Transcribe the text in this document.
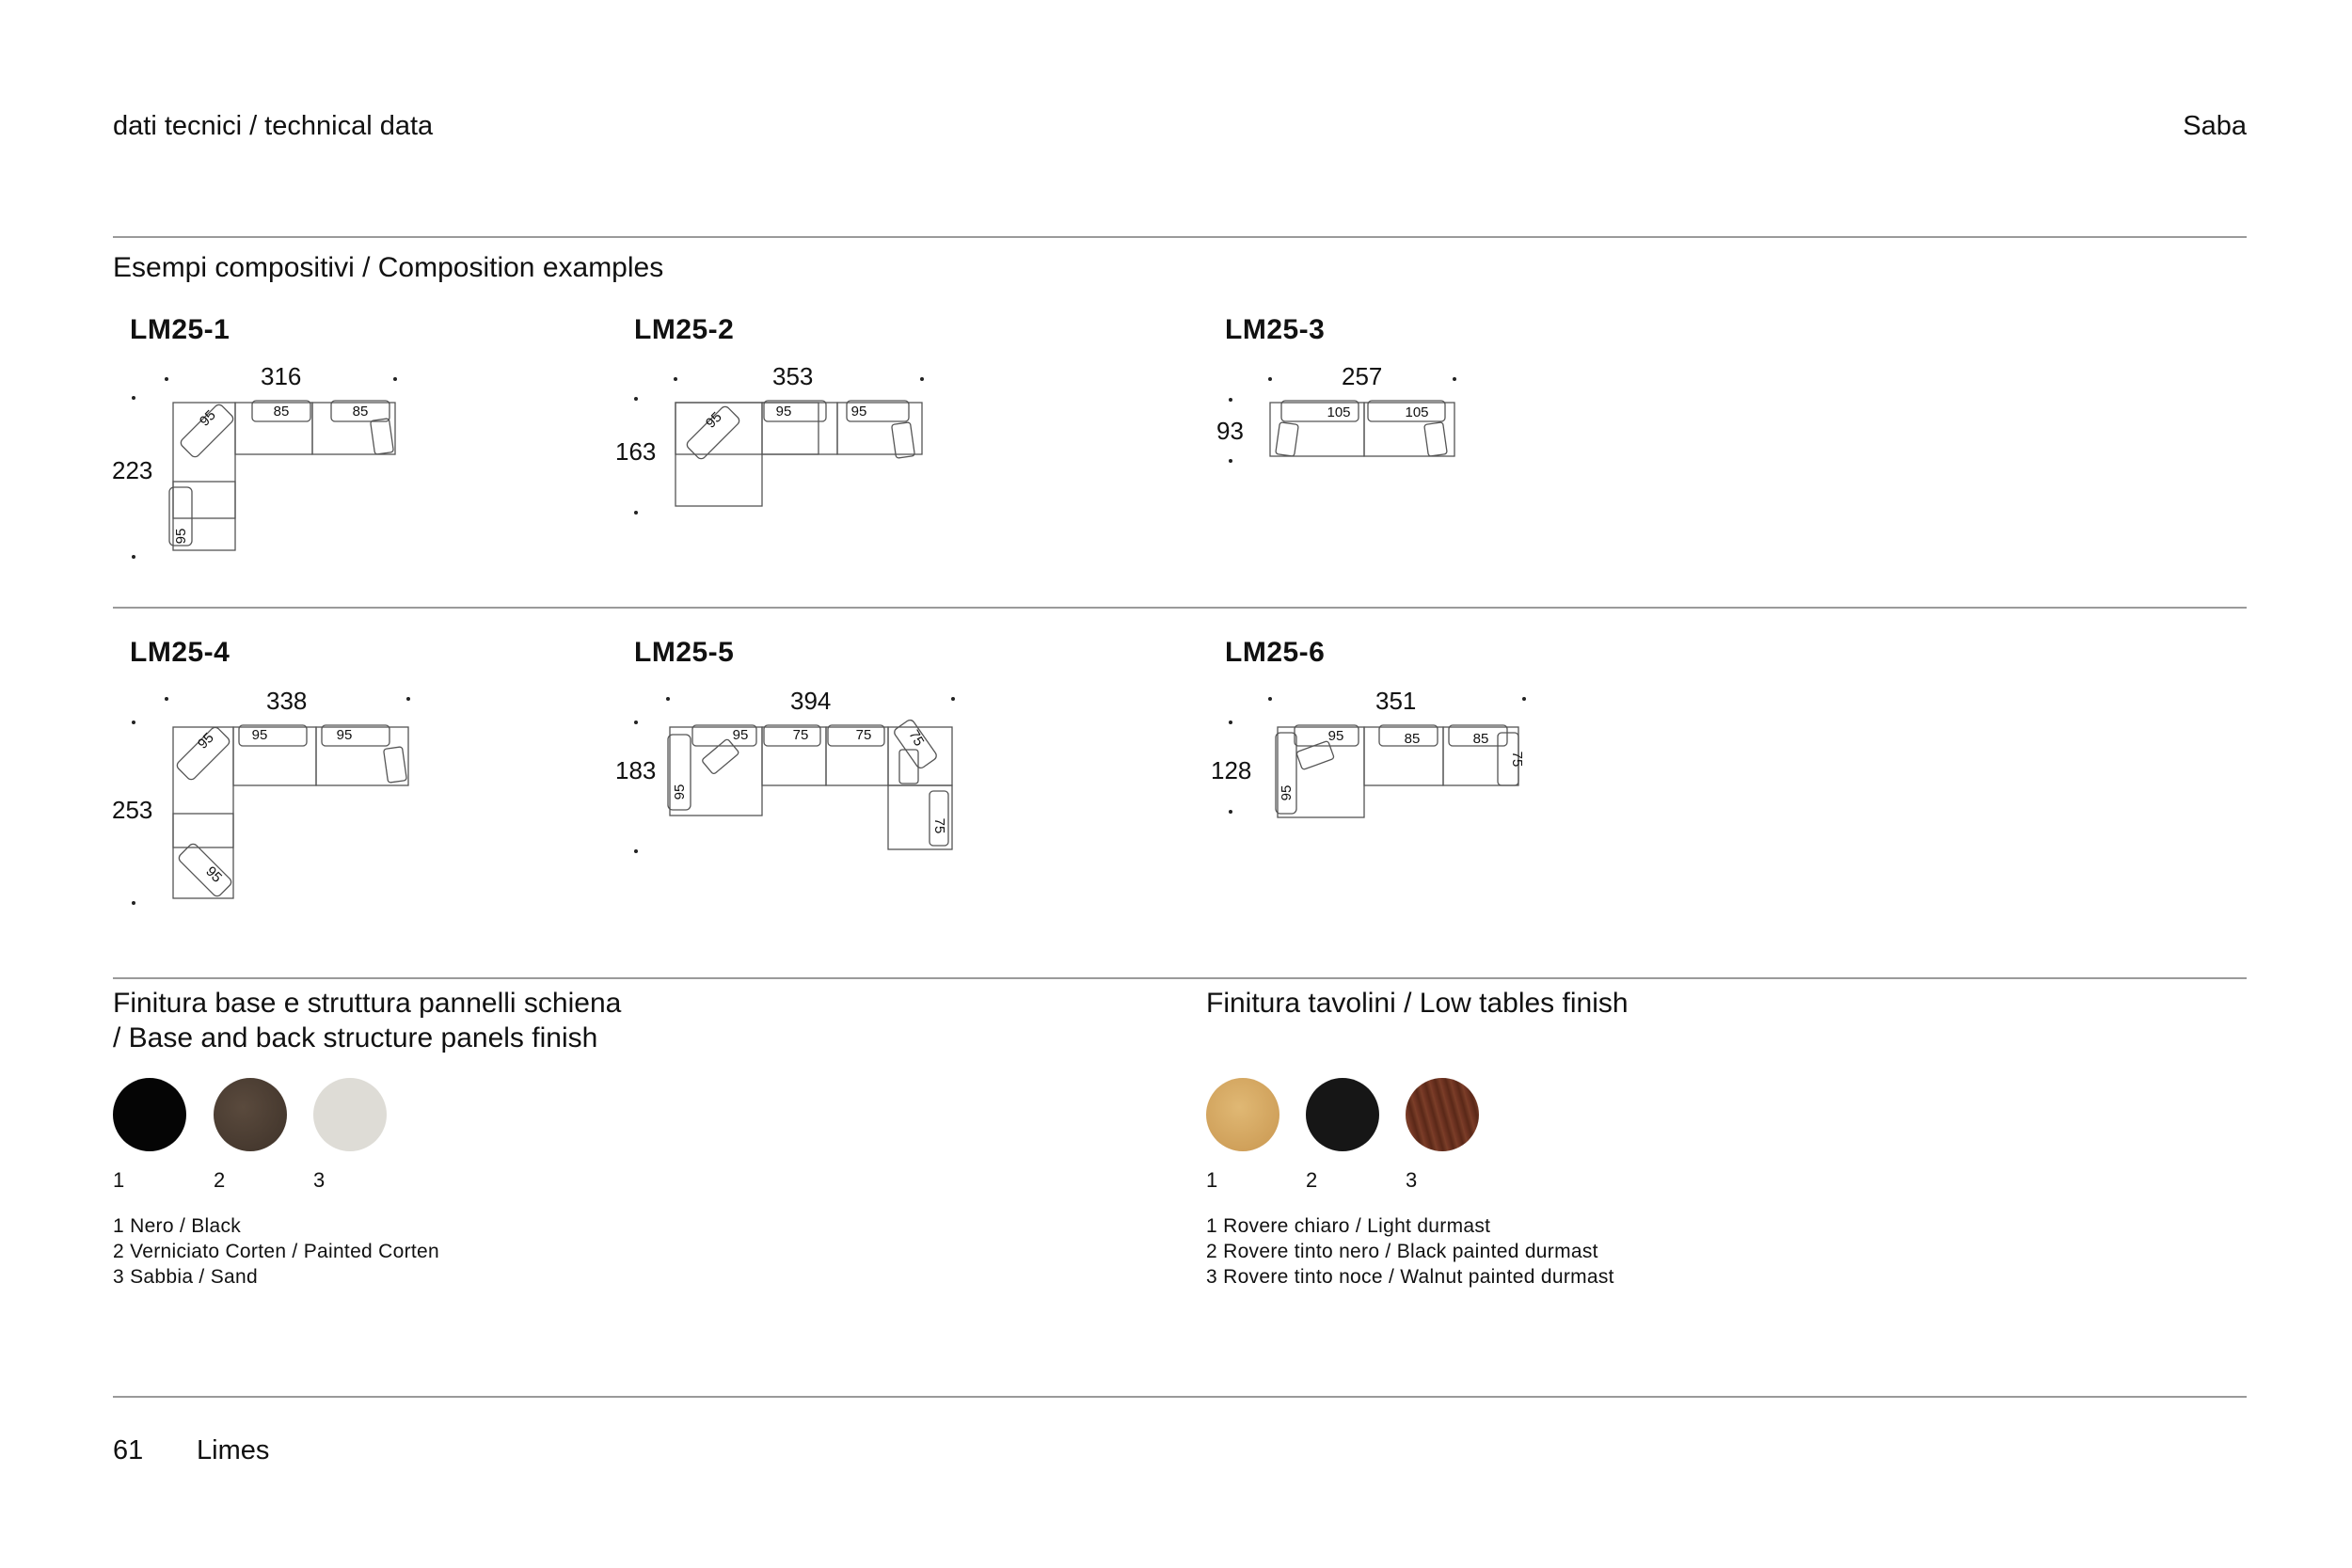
dati tecnici / technical data	Saba
Esempi compositivi / Composition examples
LM25-1
316
223
95	85	85
95
LM25-2
353
163
95	95	95
LM25-3
257
93
105	105
LM25-4
338
253
95 95	95
95
LM25-5
394
183
95	75	75 75
95
75
LM25-6
351
128
95	85	85
75
95
Finitura base e struttura pannelli schiena
/ Base and back structure panels finish
1	2	3
1 Nero / Black
2 Verniciato Corten / Painted Corten
3 Sabbia / Sand
Finitura tavolini / Low tables finish
1	2	3
1 Rovere chiaro / Light durmast
2 Rovere tinto nero / Black painted durmast
3 Rovere tinto noce / Walnut painted durmast
61 Limes
